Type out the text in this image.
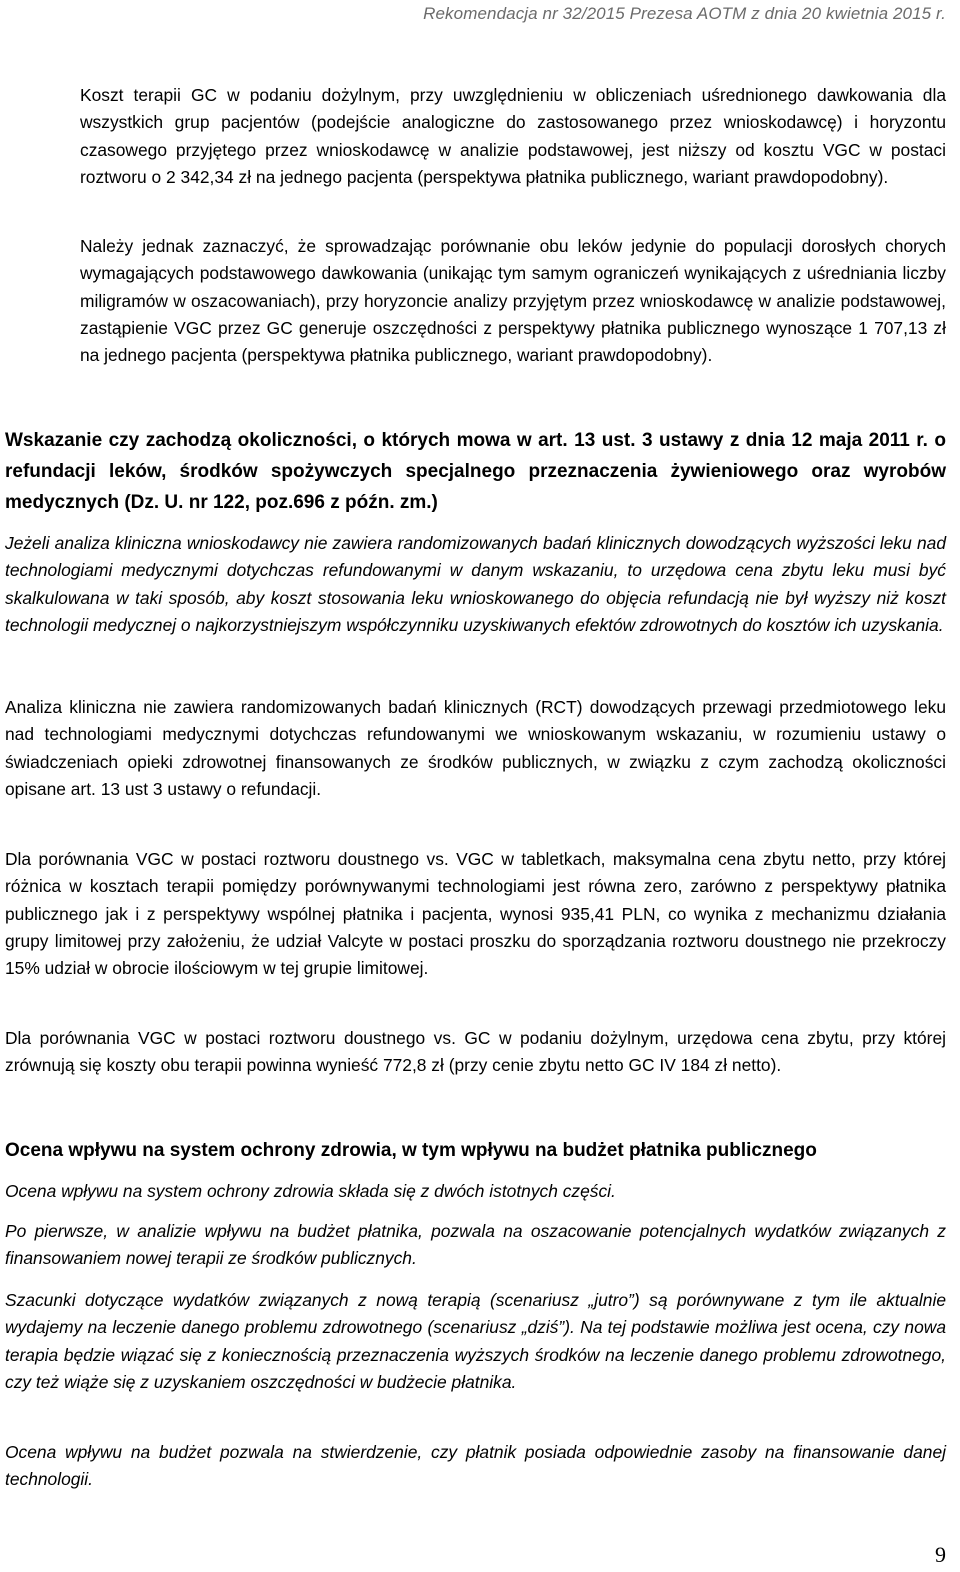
Rekomendacja nr 32/2015 Prezesa AOTM z dnia 20 kwietnia 2015 r.

Koszt terapii GC w podaniu dożylnym, przy uwzględnieniu w obliczeniach uśrednionego dawkowania dla wszystkich grup pacjentów (podejście analogiczne do zastosowanego przez wnioskodawcę) i horyzontu czasowego przyjętego przez wnioskodawcę w analizie podstawowej, jest niższy od kosztu VGC w postaci roztworu o 2 342,34 zł na jednego pacjenta (perspektywa płatnika publicznego, wariant prawdopodobny).

Należy jednak zaznaczyć, że sprowadzając porównanie obu leków jedynie do populacji dorosłych chorych wymagających podstawowego dawkowania (unikając tym samym ograniczeń wynikających z uśredniania liczby miligramów w oszacowaniach), przy horyzoncie analizy przyjętym przez wnioskodawcę w analizie podstawowej, zastąpienie VGC przez GC generuje oszczędności z perspektywy płatnika publicznego wynoszące 1 707,13 zł na jednego pacjenta (perspektywa płatnika publicznego, wariant prawdopodobny).

Wskazanie czy zachodzą okoliczności, o których mowa w art. 13 ust. 3 ustawy z dnia 12 maja 2011 r. o refundacji leków, środków spożywczych specjalnego przeznaczenia żywieniowego oraz wyrobów medycznych (Dz. U. nr 122, poz.696 z późn. zm.)

Jeżeli analiza kliniczna wnioskodawcy nie zawiera randomizowanych badań klinicznych dowodzących wyższości leku nad technologiami medycznymi dotychczas refundowanymi w danym wskazaniu, to urzędowa cena zbytu leku musi być skalkulowana w taki sposób, aby koszt stosowania leku wnioskowanego do objęcia refundacją nie był wyższy niż koszt technologii medycznej o najkorzystniejszym współczynniku uzyskiwanych efektów zdrowotnych do kosztów ich uzyskania.

Analiza kliniczna nie zawiera randomizowanych badań klinicznych (RCT) dowodzących przewagi przedmiotowego leku nad technologiami medycznymi dotychczas refundowanymi we wnioskowanym wskazaniu, w rozumieniu ustawy o świadczeniach opieki zdrowotnej finansowanych ze środków publicznych, w związku z czym zachodzą okoliczności opisane art. 13 ust 3 ustawy o refundacji.

Dla porównania VGC w postaci roztworu doustnego vs. VGC w tabletkach, maksymalna cena zbytu netto, przy której różnica w kosztach terapii pomiędzy porównywanymi technologiami jest równa zero, zarówno z perspektywy płatnika publicznego jak i z perspektywy wspólnej płatnika i pacjenta, wynosi 935,41 PLN, co wynika z mechanizmu działania grupy limitowej przy założeniu, że udział Valcyte w postaci proszku do sporządzania roztworu doustnego nie przekroczy 15% udział w obrocie ilościowym w tej grupie limitowej.

Dla porównania VGC w postaci roztworu doustnego vs. GC w podaniu dożylnym, urzędowa cena zbytu, przy której zrównują się koszty obu terapii powinna wynieść 772,8 zł (przy cenie zbytu netto GC IV 184 zł netto).

Ocena wpływu na system ochrony zdrowia, w tym wpływu na budżet płatnika publicznego

Ocena wpływu na system ochrony zdrowia składa się z dwóch istotnych części.

Po pierwsze, w analizie wpływu na budżet płatnika, pozwala na oszacowanie potencjalnych wydatków związanych z finansowaniem nowej terapii ze środków publicznych.

Szacunki dotyczące wydatków związanych z nową terapią (scenariusz „jutro”) są porównywane z tym ile aktualnie wydajemy na leczenie danego problemu zdrowotnego (scenariusz „dziś”). Na tej podstawie możliwa jest ocena, czy nowa terapia będzie wiązać się z koniecznością przeznaczenia wyższych środków na leczenie danego problemu zdrowotnego, czy też wiąże się z uzyskaniem oszczędności w budżecie płatnika.

Ocena wpływu na budżet pozwala na stwierdzenie, czy płatnik posiada odpowiednie zasoby na finansowanie danej technologii.

9
